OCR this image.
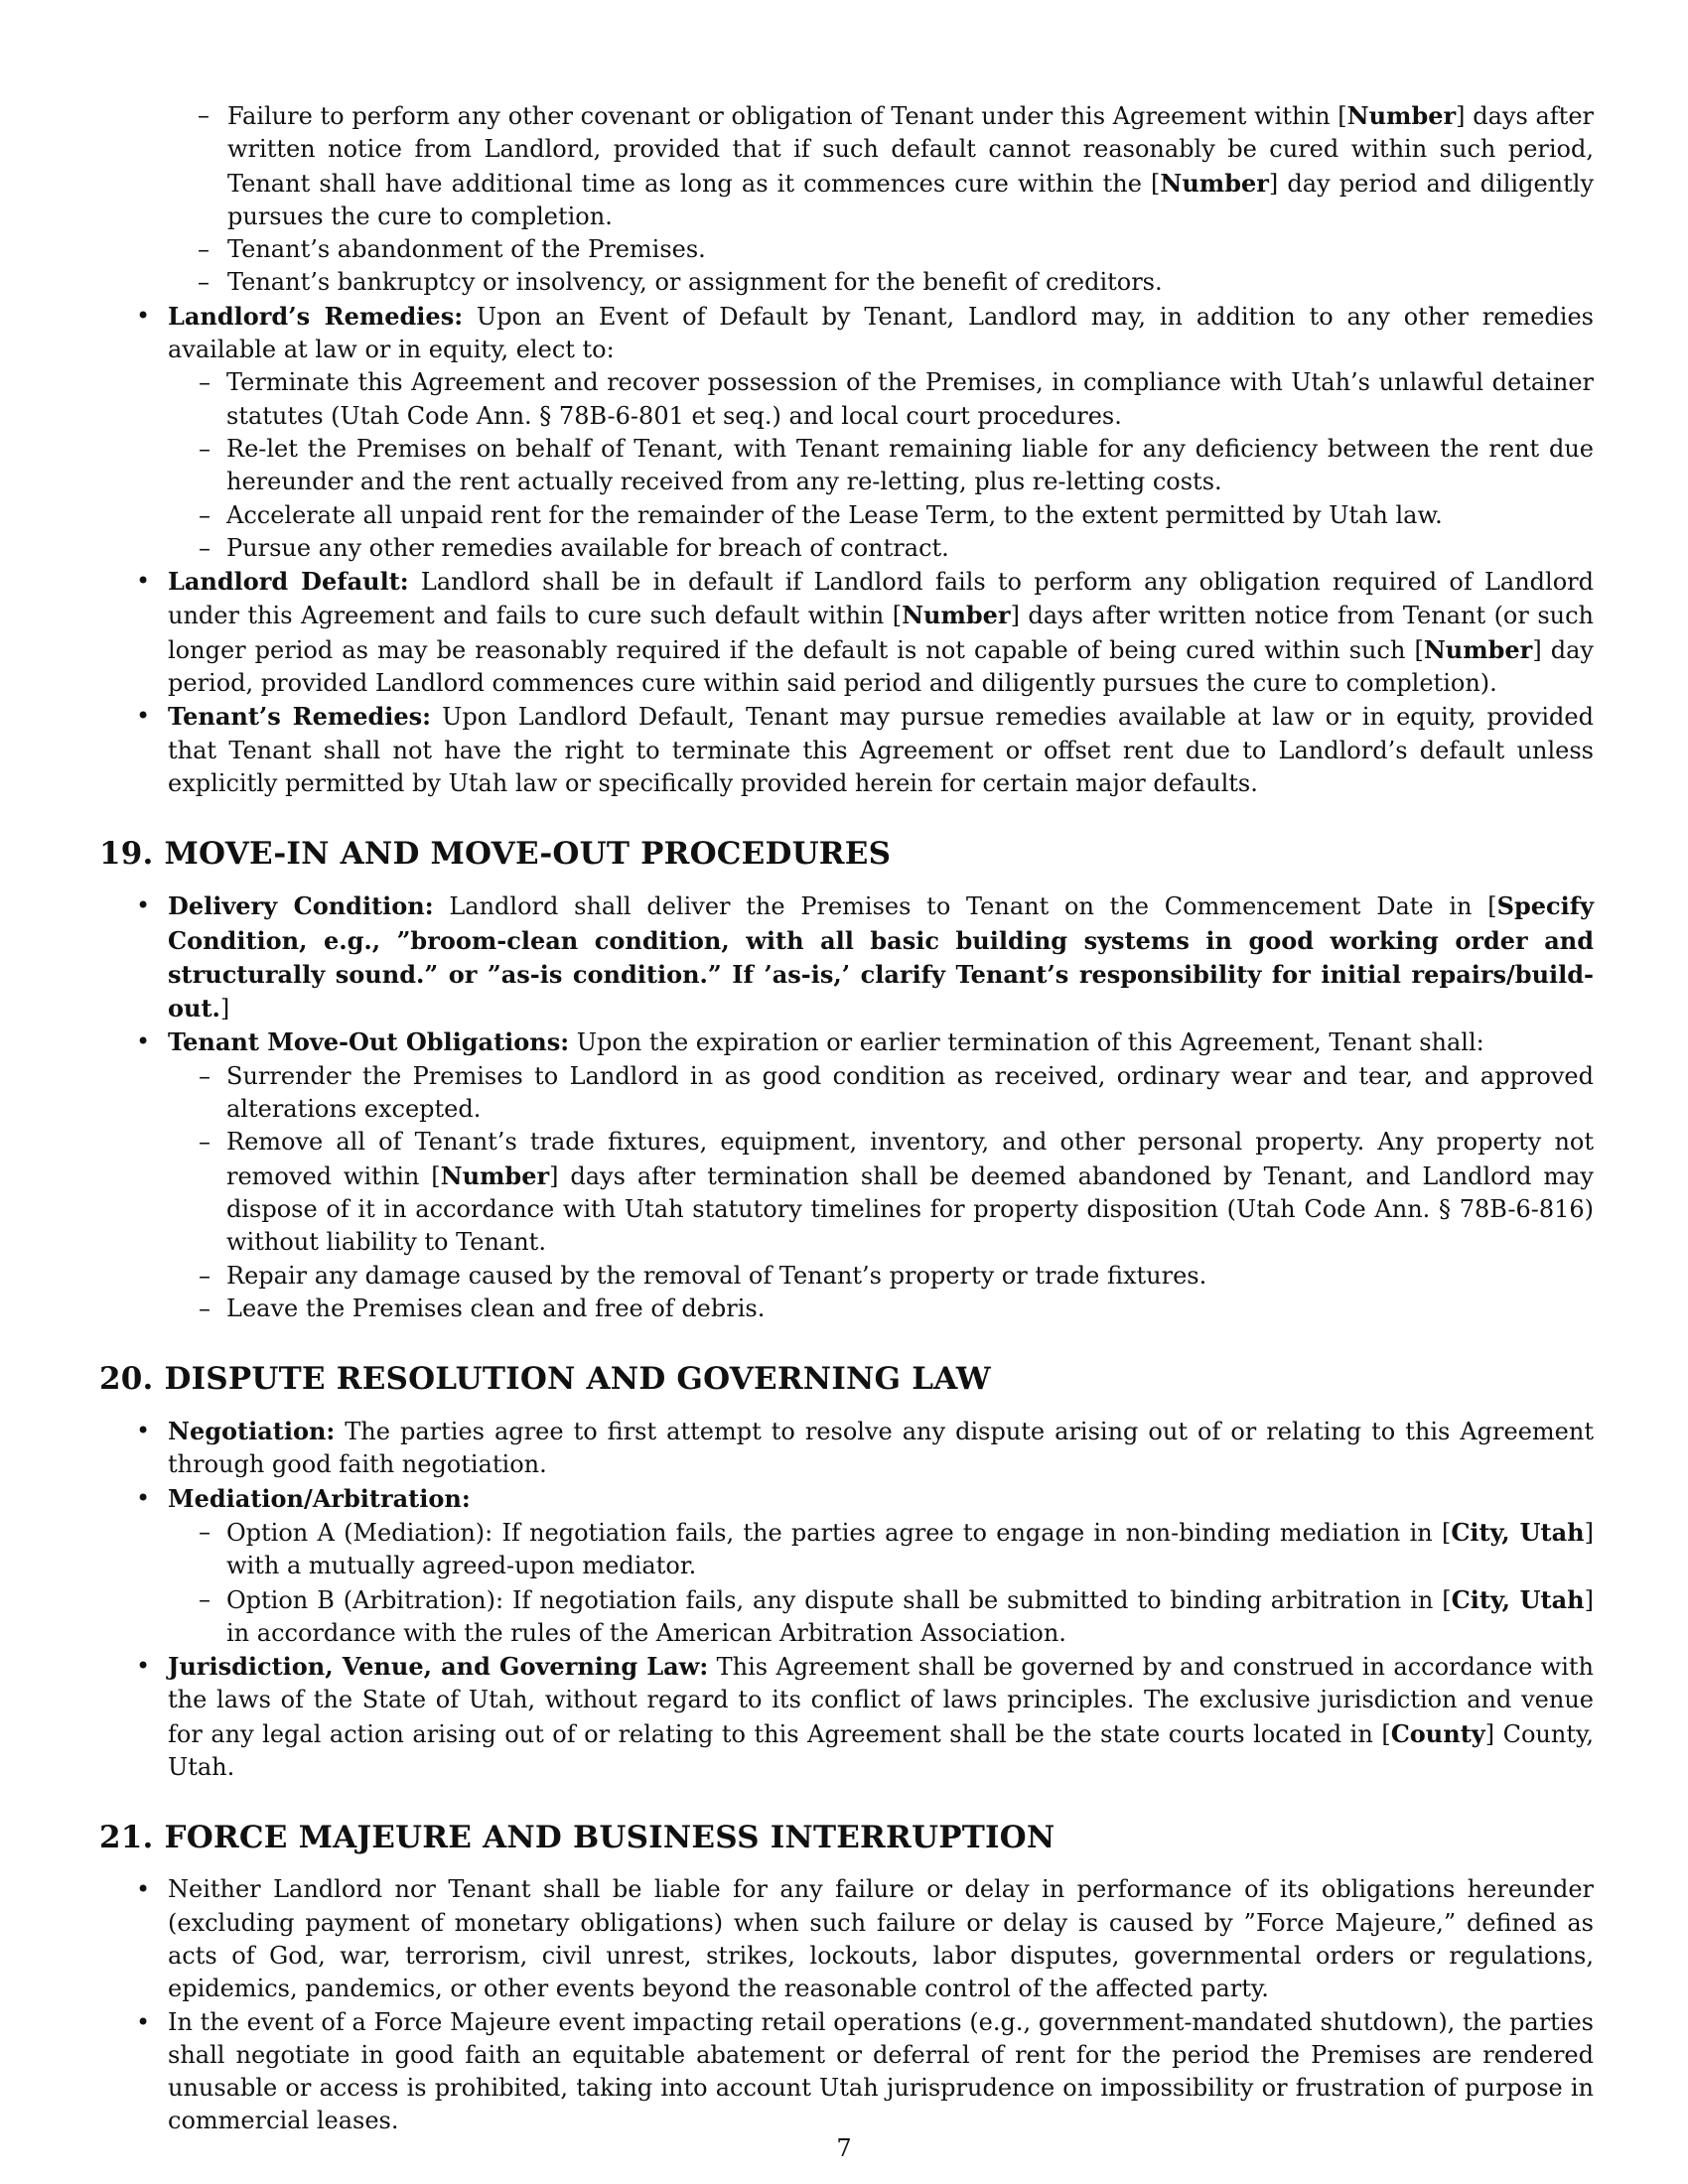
– Failure to perform any other covenant or obligation of Tenant under this Agreement within [Number] days after written notice from Landlord, provided that if such default cannot reasonably be cured within such period, Tenant shall have additional time as long as it commences cure within the [Number] day period and diligently pursues the cure to completion.
– Tenant’s abandonment of the Premises.
– Tenant’s bankruptcy or insolvency, or assignment for the benefit of creditors.
• Landlord’s Remedies: Upon an Event of Default by Tenant, Landlord may, in addition to any other remedies available at law or in equity, elect to:
– Terminate this Agreement and recover possession of the Premises, in compliance with Utah’s unlawful detainer statutes (Utah Code Ann. § 78B-6-801 et seq.) and local court procedures.
– Re-let the Premises on behalf of Tenant, with Tenant remaining liable for any deficiency between the rent due hereunder and the rent actually received from any re-letting, plus re-letting costs.
– Accelerate all unpaid rent for the remainder of the Lease Term, to the extent permitted by Utah law.
– Pursue any other remedies available for breach of contract.
• Landlord Default: Landlord shall be in default if Landlord fails to perform any obligation required of Landlord under this Agreement and fails to cure such default within [Number] days after written notice from Tenant (or such longer period as may be reasonably required if the default is not capable of being cured within such [Number] day period, provided Landlord commences cure within said period and diligently pursues the cure to completion).
• Tenant’s Remedies: Upon Landlord Default, Tenant may pursue remedies available at law or in equity, provided that Tenant shall not have the right to terminate this Agreement or offset rent due to Landlord’s default unless explicitly permitted by Utah law or specifically provided herein for certain major defaults.
19. MOVE-IN AND MOVE-OUT PROCEDURES
• Delivery Condition: Landlord shall deliver the Premises to Tenant on the Commencement Date in [Specify Condition, e.g., ”broom-clean condition, with all basic building systems in good working order and structurally sound.” or ”as-is condition.” If ’as-is,’ clarify Tenant’s responsibility for initial repairs/build-out.]
• Tenant Move-Out Obligations: Upon the expiration or earlier termination of this Agreement, Tenant shall:
– Surrender the Premises to Landlord in as good condition as received, ordinary wear and tear, and approved alterations excepted.
– Remove all of Tenant’s trade fixtures, equipment, inventory, and other personal property. Any property not removed within [Number] days after termination shall be deemed abandoned by Tenant, and Landlord may dispose of it in accordance with Utah statutory timelines for property disposition (Utah Code Ann. § 78B-6-816) without liability to Tenant.
– Repair any damage caused by the removal of Tenant’s property or trade fixtures.
– Leave the Premises clean and free of debris.
20. DISPUTE RESOLUTION AND GOVERNING LAW
• Negotiation: The parties agree to first attempt to resolve any dispute arising out of or relating to this Agreement through good faith negotiation.
• Mediation/Arbitration:
– Option A (Mediation): If negotiation fails, the parties agree to engage in non-binding mediation in [City, Utah] with a mutually agreed-upon mediator.
– Option B (Arbitration): If negotiation fails, any dispute shall be submitted to binding arbitration in [City, Utah] in accordance with the rules of the American Arbitration Association.
• Jurisdiction, Venue, and Governing Law: This Agreement shall be governed by and construed in accordance with the laws of the State of Utah, without regard to its conflict of laws principles. The exclusive jurisdiction and venue for any legal action arising out of or relating to this Agreement shall be the state courts located in [County] County, Utah.
21. FORCE MAJEURE AND BUSINESS INTERRUPTION
• Neither Landlord nor Tenant shall be liable for any failure or delay in performance of its obligations hereunder (excluding payment of monetary obligations) when such failure or delay is caused by ”Force Majeure,” defined as acts of God, war, terrorism, civil unrest, strikes, lockouts, labor disputes, governmental orders or regulations, epidemics, pandemics, or other events beyond the reasonable control of the affected party.
• In the event of a Force Majeure event impacting retail operations (e.g., government-mandated shutdown), the parties shall negotiate in good faith an equitable abatement or deferral of rent for the period the Premises are rendered unusable or access is prohibited, taking into account Utah jurisprudence on impossibility or frustration of purpose in commercial leases.
7
